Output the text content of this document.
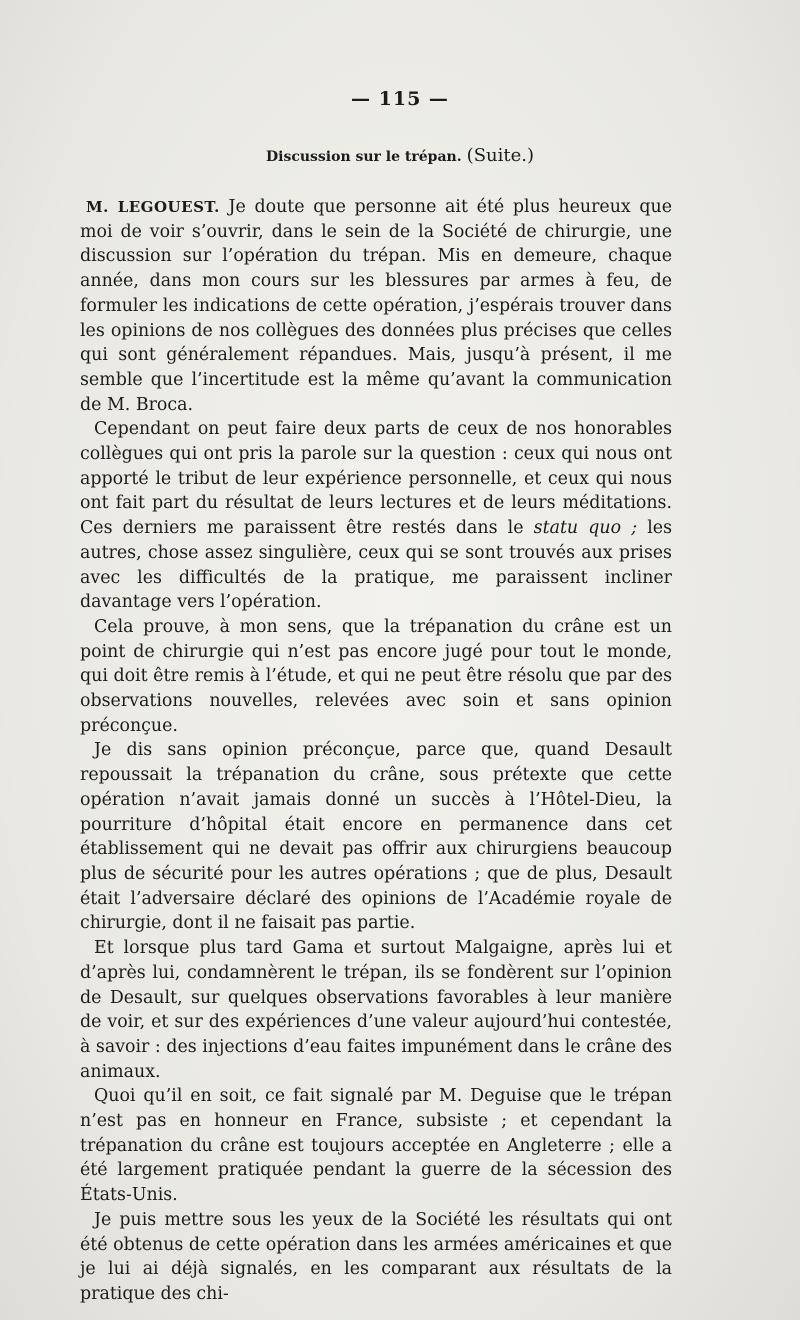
— 115 —
Discussion sur le trépan. (Suite.)

M. LEGOUEST. Je doute que personne ait été plus heureux que moi de voir s’ouvrir, dans le sein de la Société de chirurgie, une discussion sur l’opération du trépan. Mis en demeure, chaque année, dans mon cours sur les blessures par armes à feu, de formuler les indications de cette opération, j’espérais trouver dans les opinions de nos collègues des données plus précises que celles qui sont généralement répandues. Mais, jusqu’à présent, il me semble que l’incertitude est la même qu’avant la communication de M. Broca.

Cependant on peut faire deux parts de ceux de nos honorables collègues qui ont pris la parole sur la question : ceux qui nous ont apporté le tribut de leur expérience personnelle, et ceux qui nous ont fait part du résultat de leurs lectures et de leurs méditations. Ces derniers me paraissent être restés dans le statu quo ; les autres, chose assez singulière, ceux qui se sont trouvés aux prises avec les difficultés de la pratique, me paraissent incliner davantage vers l’opération.

Cela prouve, à mon sens, que la trépanation du crâne est un point de chirurgie qui n’est pas encore jugé pour tout le monde, qui doit être remis à l’étude, et qui ne peut être résolu que par des observations nouvelles, relevées avec soin et sans opinion préconçue.

Je dis sans opinion préconçue, parce que, quand Desault repoussait la trépanation du crâne, sous prétexte que cette opération n’avait jamais donné un succès à l’Hôtel-Dieu, la pourriture d’hôpital était encore en permanence dans cet établissement qui ne devait pas offrir aux chirurgiens beaucoup plus de sécurité pour les autres opérations ; que de plus, Desault était l’adversaire déclaré des opinions de l’Académie royale de chirurgie, dont il ne faisait pas partie.

Et lorsque plus tard Gama et surtout Malgaigne, après lui et d’après lui, condamnèrent le trépan, ils se fondèrent sur l’opinion de Desault, sur quelques observations favorables à leur manière de voir, et sur des expériences d’une valeur aujourd’hui contestée, à savoir : des injections d’eau faites impunément dans le crâne des animaux.

Quoi qu’il en soit, ce fait signalé par M. Deguise que le trépan n’est pas en honneur en France, subsiste ; et cependant la trépanation du crâne est toujours acceptée en Angleterre ; elle a été largement pratiquée pendant la guerre de la sécession des États-Unis.

Je puis mettre sous les yeux de la Société les résultats qui ont été obtenus de cette opération dans les armées américaines et que je lui ai déjà signalés, en les comparant aux résultats de la pratique des chi-
